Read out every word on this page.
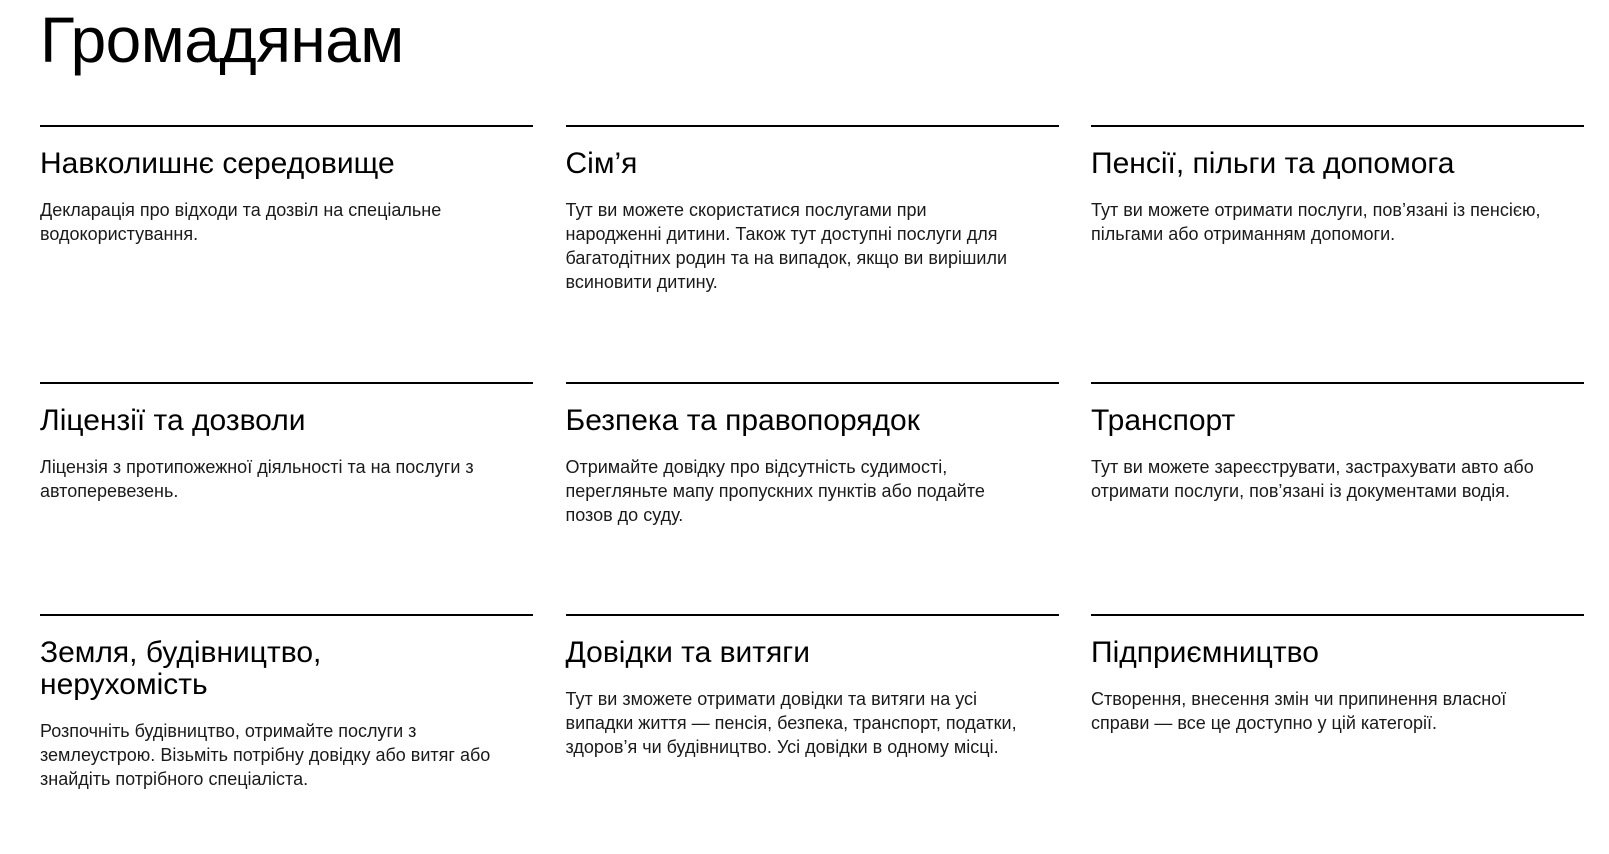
Громадянам
Навколишнє середовище

Декларація про відходи та дозвіл на спеціальне водокористування.

Сім’я

Тут ви можете скористатися послугами при народженні дитини. Також тут доступні послуги для багатодітних родин та на випадок, якщо ви вирішили всиновити дитину.

Пенсії, пільги та допомога

Тут ви можете отримати послуги, пов’язані із пенсією, пільгами або отриманням допомоги.

Ліцензії та дозволи

Ліцензія з протипожежної діяльності та на послуги з автоперевезень.

Безпека та правопорядок

Отримайте довідку про відсутність судимості, перегляньте мапу пропускних пунктів або подайте позов до суду.

Транспорт

Тут ви можете зареєструвати, застрахувати авто або отримати послуги, пов’язані із документами водія.

Земля, будівництво, нерухомість

Розпочніть будівництво, отримайте послуги з землеустрою. Візьміть потрібну довідку або витяг або знайдіть потрібного спеціаліста.

Довідки та витяги

Тут ви зможете отримати довідки та витяги на усі випадки життя — пенсія, безпека, транспорт, податки, здоров’я чи будівництво. Усі довідки в одному місці.

Підприємництво

Створення, внесення змін чи припинення власної справи — все це доступно у цій категорії.
